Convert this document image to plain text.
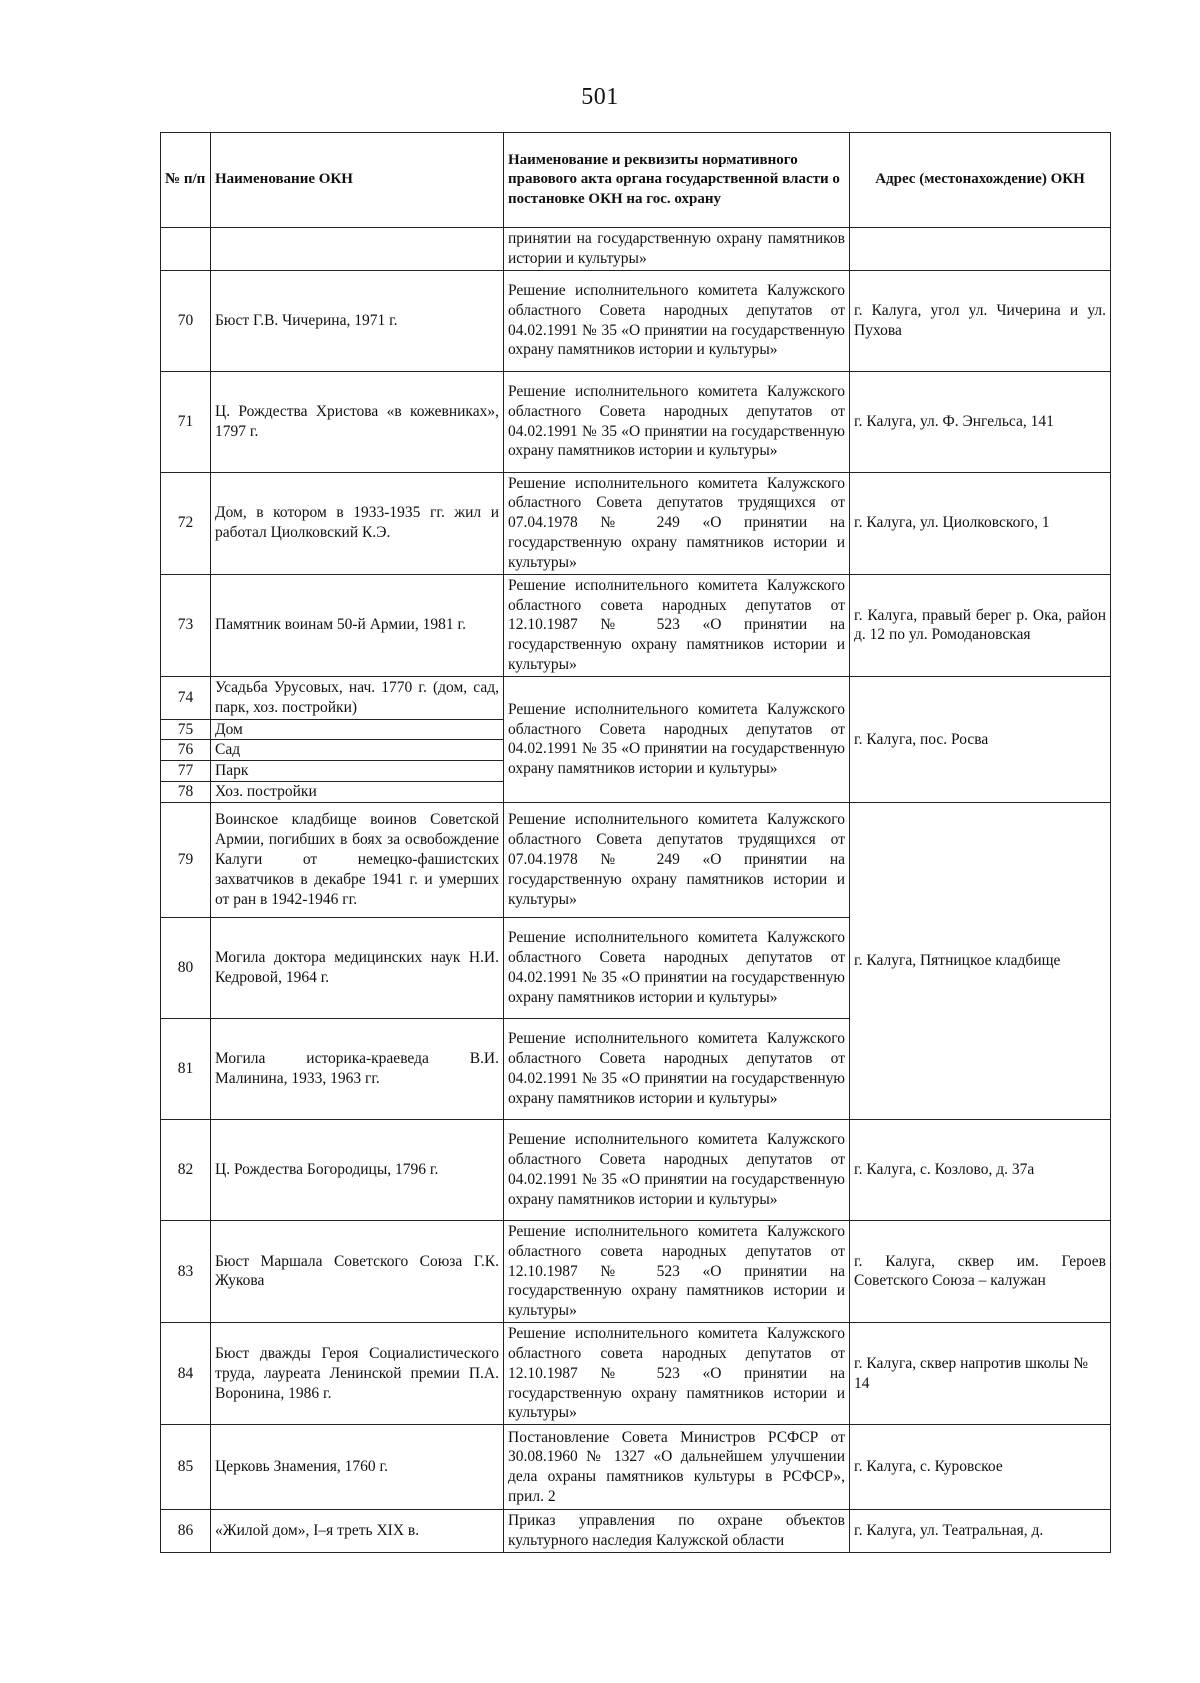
501
№ п/п	Наименование ОКН	Наименование и реквизиты нормативного правового акта органа государственной власти о постановке ОКН на гос. охрану	Адрес (местонахождение) ОКН
		принятии на государственную охрану памятников истории и культуры»	
70	Бюст Г.В. Чичерина, 1971 г.	Решение исполнительного комитета Калужского областного Совета народных депутатов от 04.02.1991 № 35 «О принятии на государственную охрану памятников истории и культуры»	г. Калуга, угол ул. Чичерина и ул. Пухова
71	Ц. Рождества Христова «в кожевниках», 1797 г.	Решение исполнительного комитета Калужского областного Совета народных депутатов от 04.02.1991 № 35 «О принятии на государственную охрану памятников истории и культуры»	г. Калуга, ул. Ф. Энгельса, 141
72	Дом, в котором в 1933-1935 гг. жил и работал Циолковский К.Э.	Решение исполнительного комитета Калужского областного Совета депутатов трудящихся от 07.04.1978 № 249 «О принятии на государственную охрану памятников истории и культуры»	г. Калуга, ул. Циолковского, 1
73	Памятник воинам 50-й Армии, 1981 г.	Решение исполнительного комитета Калужского областного совета народных депутатов от 12.10.1987 № 523 «О принятии на государственную охрану памятников истории и культуры»	г. Калуга, правый берег р. Ока, район д. 12 по ул. Ромодановская
74	Усадьба Урусовых, нач. 1770 г. (дом, сад, парк, хоз. постройки)	Решение исполнительного комитета Калужского областного Совета народных депутатов от 04.02.1991 № 35 «О принятии на государственную охрану памятников истории и культуры»	г. Калуга, пос. Росва
75	Дом		
76	Сад		
77	Парк		
78	Хоз. постройки		
79	Воинское кладбище воинов Советской Армии, погибших в боях за освобождение Калуги от немецко-фашистских захватчиков в декабре 1941 г. и умерших от ран в 1942-1946 гг.	Решение исполнительного комитета Калужского областного Совета депутатов трудящихся от 07.04.1978 № 249 «О принятии на государственную охрану памятников истории и культуры»	г. Калуга, Пятницкое кладбище
80	Могила доктора медицинских наук Н.И. Кедровой, 1964 г.	Решение исполнительного комитета Калужского областного Совета народных депутатов от 04.02.1991 № 35 «О принятии на государственную охрану памятников истории и культуры»	
81	Могила историка-краеведа В.И. Малинина, 1933, 1963 гг.	Решение исполнительного комитета Калужского областного Совета народных депутатов от 04.02.1991 № 35 «О принятии на государственную охрану памятников истории и культуры»	
82	Ц. Рождества Богородицы, 1796 г.	Решение исполнительного комитета Калужского областного Совета народных депутатов от 04.02.1991 № 35 «О принятии на государственную охрану памятников истории и культуры»	г. Калуга, с. Козлово, д. 37а
83	Бюст Маршала Советского Союза Г.К. Жукова	Решение исполнительного комитета Калужского областного совета народных депутатов от 12.10.1987 № 523 «О принятии на государственную охрану памятников истории и культуры»	г. Калуга, сквер им. Героев Советского Союза – калужан
84	Бюст дважды Героя Социалистического труда, лауреата Ленинской премии П.А. Воронина, 1986 г.	Решение исполнительного комитета Калужского областного совета народных депутатов от 12.10.1987 № 523 «О принятии на государственную охрану памятников истории и культуры»	г. Калуга, сквер напротив школы № 14
85	Церковь Знамения, 1760 г.	Постановление Совета Министров РСФСР от 30.08.1960 № 1327 «О дальнейшем улучшении дела охраны памятников культуры в РСФСР», прил. 2	г. Калуга, с. Куровское
86	«Жилой дом», I–я треть XIX в.	Приказ управления по охране объектов культурного наследия Калужской области	г. Калуга, ул. Театральная, д.
